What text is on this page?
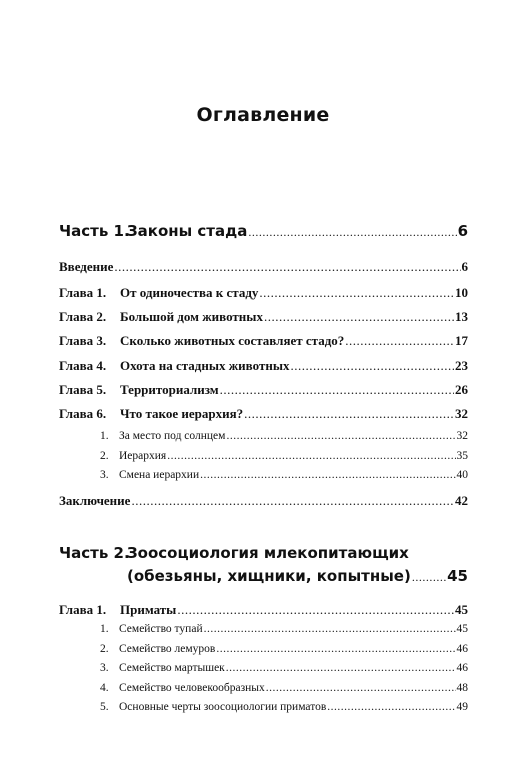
Оглавление
Часть 1.
Законы стада .....	6
Введение .....	6
Глава 1.	От одиночества к стаду .....	10
Глава 2.	Большой дом животных .....	13
Глава 3.	Сколько животных составляет стадо? .....	17
Глава 4.	Охота на стадных животных .....	23
Глава 5.	Территориализм .....	26
Глава 6.	Что такое иерархия? .....	32
1. За место под солнцем .....	32
2. Иерархия .....	35
3. Смена иерархии .....	40
Заключение .....	42
Часть 2.Зоосоциология млекопитающих
(обезьяны, хищники, копытные) ..... 45
Глава 1.	Приматы .....	45
1. Семейство тупай .....	45
2. Семейство лемуров .....	46
3. Семейство мартышек .....	46
4. Семейство человекообразных .....	48
5. Основные черты зоосоциологии приматов .....	49
